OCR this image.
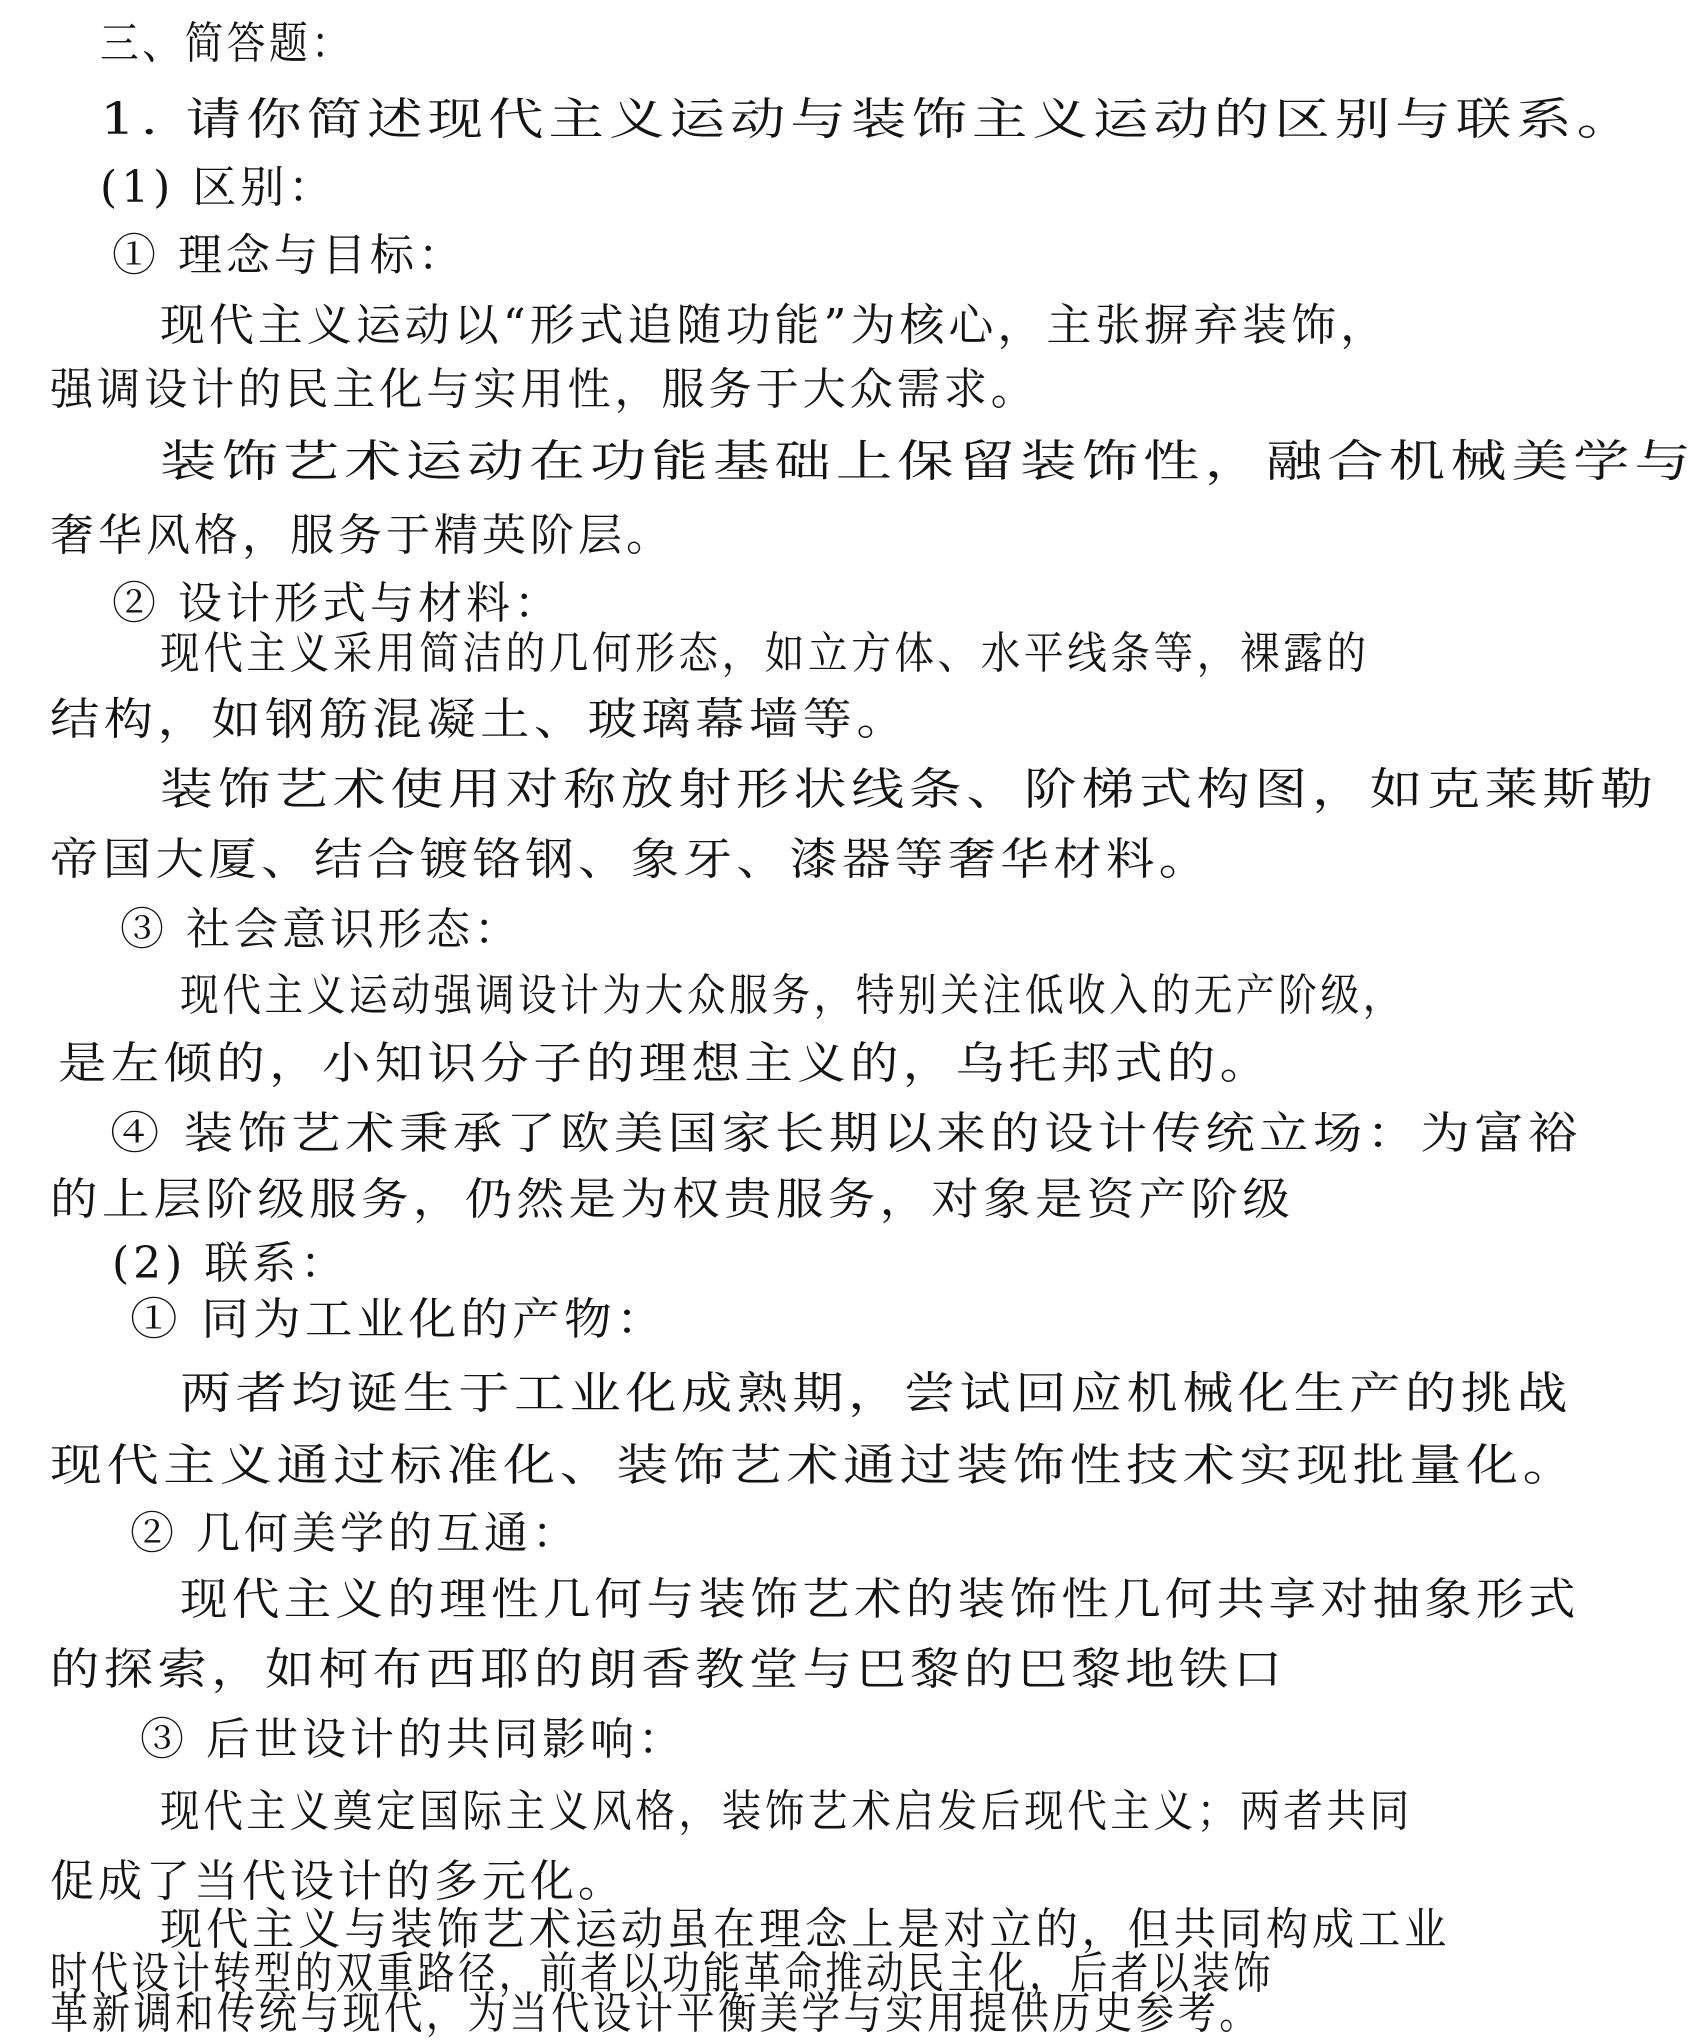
三、简答题：
1. 请你简述现代主义运动与装饰主义运动的区别与联系。
(1) 区别：
① 理念与目标：
现代主义运动以“形式追随功能”为核心，主张摒弃装饰，
强调设计的民主化与实用性，服务于大众需求。
装饰艺术运动在功能基础上保留装饰性，融合机械美学与
奢华风格，服务于精英阶层。
② 设计形式与材料：
现代主义采用简洁的几何形态，如立方体、水平线条等，裸露的
结构，如钢筋混凝土、玻璃幕墙等。
装饰艺术使用对称放射形状线条、阶梯式构图，如克莱斯勒
帝国大厦、结合镀铬钢、象牙、漆器等奢华材料。
③ 社会意识形态：
现代主义运动强调设计为大众服务，特别关注低收入的无产阶级，
是左倾的，小知识分子的理想主义的，乌托邦式的。
④ 装饰艺术秉承了欧美国家长期以来的设计传统立场：为富裕
的上层阶级服务，仍然是为权贵服务，对象是资产阶级
(2) 联系：
① 同为工业化的产物：
两者均诞生于工业化成熟期，尝试回应机械化生产的挑战
现代主义通过标准化、装饰艺术通过装饰性技术实现批量化。
② 几何美学的互通：
现代主义的理性几何与装饰艺术的装饰性几何共享对抽象形式
的探索，如柯布西耶的朗香教堂与巴黎的巴黎地铁口
③ 后世设计的共同影响：
现代主义奠定国际主义风格，装饰艺术启发后现代主义；两者共同
促成了当代设计的多元化。
现代主义与装饰艺术运动虽在理念上是对立的，但共同构成工业
时代设计转型的双重路径，前者以功能革命推动民主化，后者以装饰
革新调和传统与现代，为当代设计平衡美学与实用提供历史参考。
